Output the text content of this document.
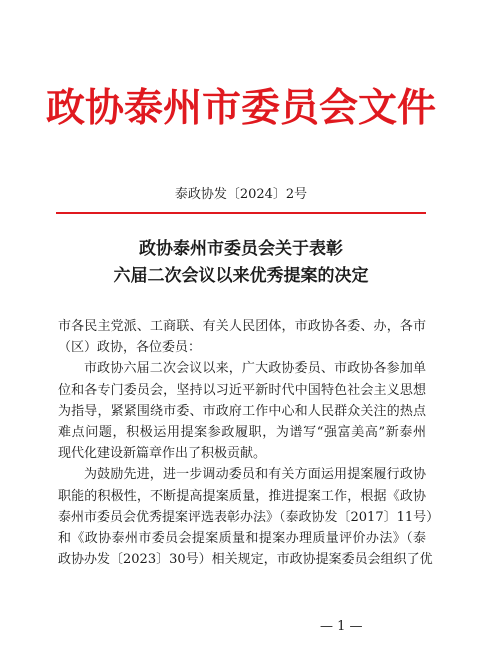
政协泰州市委员会文件
泰政协发〔2024〕2号
政协泰州市委员会关于表彰
六届二次会议以来优秀提案的决定
市各民主党派、工商联、有关人民团体，市政协各委、办，各市
（区）政协，各位委员：
市政协六届二次会议以来，广大政协委员、市政协各参加单
位和各专门委员会，坚持以习近平新时代中国特色社会主义思想
为指导，紧紧围绕市委、市政府工作中心和人民群众关注的热点
难点问题，积极运用提案参政履职，为谱写“强富美高”新泰州
现代化建设新篇章作出了积极贡献。
为鼓励先进，进一步调动委员和有关方面运用提案履行政协
职能的积极性，不断提高提案质量，推进提案工作，根据《政协
泰州市委员会优秀提案评选表彰办法》（泰政协发〔2017〕11号）
和《政协泰州市委员会提案质量和提案办理质量评价办法》（泰
政协办发〔2023〕30号）相关规定，市政协提案委员会组织了优
— 1 —
